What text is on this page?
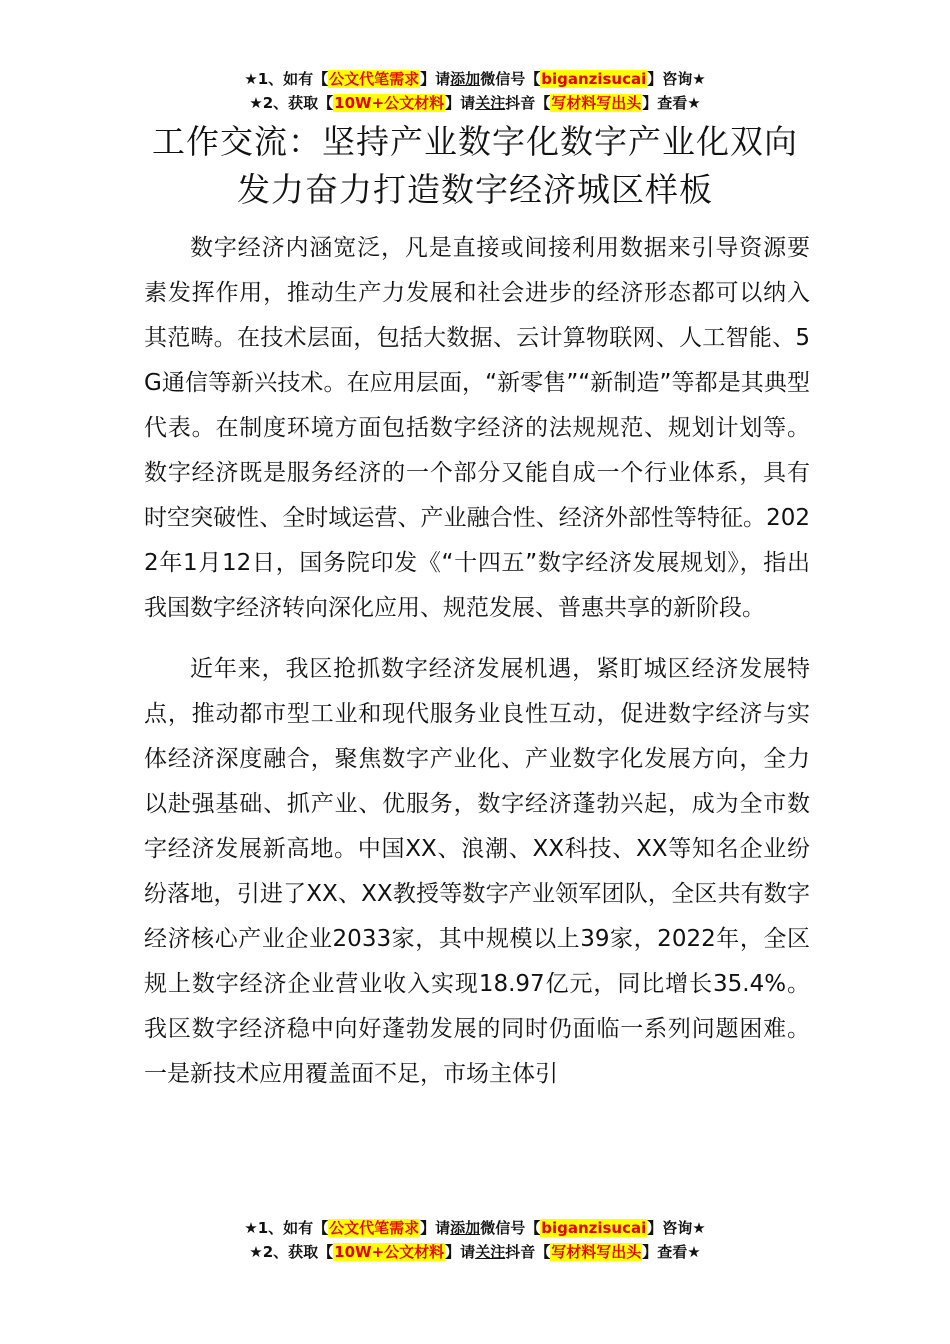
★1、如有【公文代笔需求】请添加微信号【biganzisucai】咨询★
★2、获取【10W+公文材料】请关注抖音【写材料写出头】查看★
工作交流：坚持产业数字化数字产业化双向
发力奋力打造数字经济城区样板

数字经济内涵宽泛，凡是直接或间接利用数据来引导资源要素发挥作用，推动生产力发展和社会进步的经济形态都可以纳入其范畴。在技术层面，包括大数据、云计算物联网、人工智能、5G通信等新兴技术。在应用层面，“新零售”“新制造”等都是其典型代表。在制度环境方面包括数字经济的法规规范、规划计划等。数字经济既是服务经济的一个部分又能自成一个行业体系，具有时空突破性、全时域运营、产业融合性、经济外部性等特征。2022年1月12日，国务院印发《“十四五”数字经济发展规划》，指出我国数字经济转向深化应用、规范发展、普惠共享的新阶段。

近年来，我区抢抓数字经济发展机遇，紧盯城区经济发展特点，推动都市型工业和现代服务业良性互动，促进数字经济与实体经济深度融合，聚焦数字产业化、产业数字化发展方向，全力以赴强基础、抓产业、优服务，数字经济蓬勃兴起，成为全市数字经济发展新高地。中国XX、浪潮、XX科技、XX等知名企业纷纷落地，引进了XX、XX教授等数字产业领军团队，全区共有数字经济核心产业企业2033家，其中规模以上39家，2022年，全区规上数字经济企业营业收入实现18.97亿元，同比增长35.4%。我区数字经济稳中向好蓬勃发展的同时仍面临一系列问题困难。一是新技术应用覆盖面不足，市场主体引

★1、如有【公文代笔需求】请添加微信号【biganzisucai】咨询★
★2、获取【10W+公文材料】请关注抖音【写材料写出头】查看★
